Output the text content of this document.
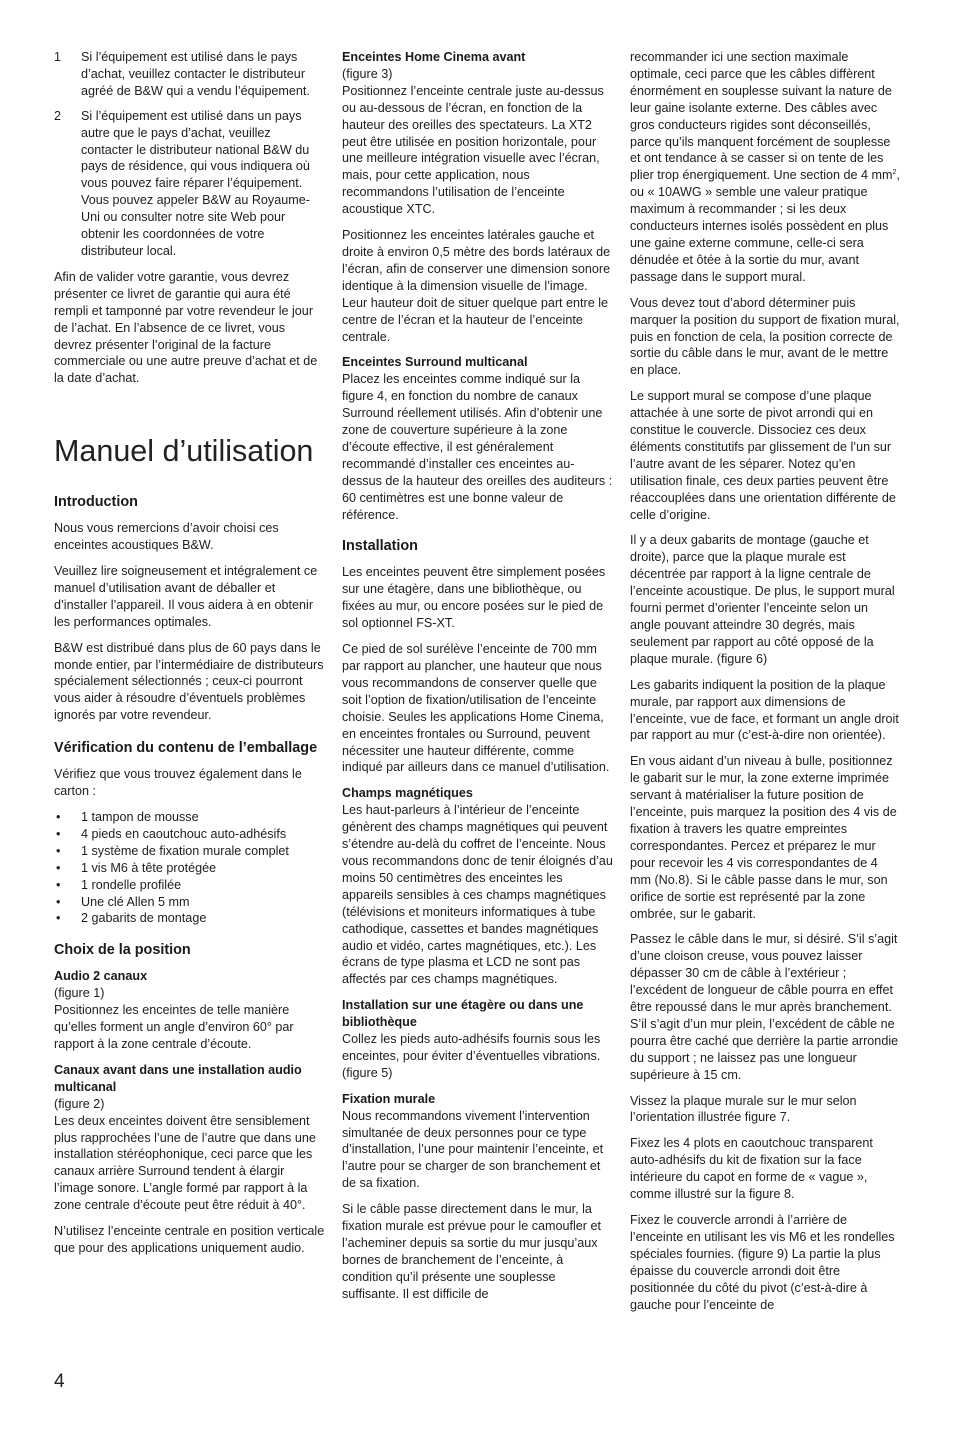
1 Si l’équipement est utilisé dans le pays d’achat, veuillez contacter le distributeur agréé de B&W qui a vendu l’équipement.
2 Si l’équipement est utilisé dans un pays autre que le pays d’achat, veuillez contacter le distributeur national B&W du pays de résidence, qui vous indiquera où vous pouvez faire réparer l’équipement. Vous pouvez appeler B&W au Royaume-Uni ou consulter notre site Web pour obtenir les coordonnées de votre distributeur local.

Afin de valider votre garantie, vous devrez présenter ce livret de garantie qui aura été rempli et tamponné par votre revendeur le jour de l’achat. En l’absence de ce livret, vous devrez présenter l’original de la facture commerciale ou une autre preuve d’achat et de la date d’achat.

Manuel d’utilisation
Introduction

Nous vous remercions d’avoir choisi ces enceintes acoustiques B&W.

Veuillez lire soigneusement et intégralement ce manuel d’utilisation avant de déballer et d’installer l’appareil. Il vous aidera à en obtenir les performances optimales.

B&W est distribué dans plus de 60 pays dans le monde entier, par l’intermédiaire de distributeurs spécialement sélectionnés ; ceux-ci pourront vous aider à résoudre d’éventuels problèmes ignorés par votre revendeur.

Vérification du contenu de l’emballage

Vérifiez que vous trouvez également dans le carton :

• 1 tampon de mousse
• 4 pieds en caoutchouc auto-adhésifs
• 1 système de fixation murale complet
• 1 vis M6 à tête protégée
• 1 rondelle profilée
• Une clé Allen 5 mm
• 2 gabarits de montage
Choix de la position
Audio 2 canaux
(figure 1)

Positionnez les enceintes de telle manière qu’elles forment un angle d’environ 60° par rapport à la zone centrale d’écoute.

Canaux avant dans une installation audio multicanal
(figure 2)

Les deux enceintes doivent être sensiblement plus rapprochées l’une de l’autre que dans une installation stéréophonique, ceci parce que les canaux arrière Surround tendent à élargir l’image sonore. L’angle formé par rapport à la zone centrale d’écoute peut être réduit à 40°.

N’utilisez l’enceinte centrale en position verticale que pour des applications uniquement audio.

Enceintes Home Cinema avant
(figure 3)

Positionnez l’enceinte centrale juste au-dessus ou au-dessous de l’écran, en fonction de la hauteur des oreilles des spectateurs. La XT2 peut être utilisée en position horizontale, pour une meilleure intégration visuelle avec l’écran, mais, pour cette application, nous recommandons l’utilisation de l’enceinte acoustique XTC.

Positionnez les enceintes latérales gauche et droite à environ 0,5 mètre des bords latéraux de l’écran, afin de conserver une dimension sonore identique à la dimension visuelle de l’image. Leur hauteur doit de situer quelque part entre le centre de l’écran et la hauteur de l’enceinte centrale.

Enceintes Surround multicanal

Placez les enceintes comme indiqué sur la figure 4, en fonction du nombre de canaux Surround réellement utilisés. Afin d’obtenir une zone de couverture supérieure à la zone d’écoute effective, il est généralement recommandé d’installer ces enceintes au-dessus de la hauteur des oreilles des auditeurs : 60 centimètres est une bonne valeur de référence.

Installation

Les enceintes peuvent être simplement posées sur une étagère, dans une bibliothèque, ou fixées au mur, ou encore posées sur le pied de sol optionnel FS-XT.

Ce pied de sol surélève l’enceinte de 700 mm par rapport au plancher, une hauteur que nous vous recommandons de conserver quelle que soit l’option de fixation/utilisation de l’enceinte choisie. Seules les applications Home Cinema, en enceintes frontales ou Surround, peuvent nécessiter une hauteur différente, comme indiqué par ailleurs dans ce manuel d’utilisation.

Champs magnétiques

Les haut-parleurs à l’intérieur de l’enceinte génèrent des champs magnétiques qui peuvent s’étendre au-delà du coffret de l’enceinte. Nous vous recommandons donc de tenir éloignés d’au moins 50 centimètres des enceintes les appareils sensibles à ces champs magnétiques (télévisions et moniteurs informatiques à tube cathodique, cassettes et bandes magnétiques audio et vidéo, cartes magnétiques, etc.). Les écrans de type plasma et LCD ne sont pas affectés par ces champs magnétiques.

Installation sur une étagère ou dans une bibliothèque

Collez les pieds auto-adhésifs fournis sous les enceintes, pour éviter d’éventuelles vibrations. (figure 5)

Fixation murale

Nous recommandons vivement l’intervention simultanée de deux personnes pour ce type d’installation, l’une pour maintenir l’enceinte, et l’autre pour se charger de son branchement et de sa fixation.

Si le câble passe directement dans le mur, la fixation murale est prévue pour le camoufler et l’acheminer depuis sa sortie du mur jusqu’aux bornes de branchement de l’enceinte, à condition qu’il présente une souplesse suffisante. Il est difficile de

recommander ici une section maximale optimale, ceci parce que les câbles diffèrent énormément en souplesse suivant la nature de leur gaine isolante externe. Des câbles avec gros conducteurs rigides sont déconseillés, parce qu’ils manquent forcément de souplesse et ont tendance à se casser si on tente de les plier trop énergiquement. Une section de 4 $mm^2$, ou « 10AWG » semble une valeur pratique maximum à recommander ; si les deux conducteurs internes isolés possèdent en plus une gaine externe commune, celle-ci sera dénudée et ôtée à la sortie du mur, avant passage dans le support mural.

Vous devez tout d’abord déterminer puis marquer la position du support de fixation mural, puis en fonction de cela, la position correcte de sortie du câble dans le mur, avant de le mettre en place.

Le support mural se compose d’une plaque attachée à une sorte de pivot arrondi qui en constitue le couvercle. Dissociez ces deux éléments constitutifs par glissement de l’un sur l’autre avant de les séparer. Notez qu’en utilisation finale, ces deux parties peuvent être réaccouplées dans une orientation différente de celle d’origine.

Il y a deux gabarits de montage (gauche et droite), parce que la plaque murale est décentrée par rapport à la ligne centrale de l’enceinte acoustique. De plus, le support mural fourni permet d’orienter l’enceinte selon un angle pouvant atteindre 30 degrés, mais seulement par rapport au côté opposé de la plaque murale. (figure 6)

Les gabarits indiquent la position de la plaque murale, par rapport aux dimensions de l’enceinte, vue de face, et formant un angle droit par rapport au mur (c’est-à-dire non orientée).

En vous aidant d’un niveau à bulle, positionnez le gabarit sur le mur, la zone externe imprimée servant à matérialiser la future position de l’enceinte, puis marquez la position des 4 vis de fixation à travers les quatre empreintes correspondantes. Percez et préparez le mur pour recevoir les 4 vis correspondantes de 4 mm (No.8). Si le câble passe dans le mur, son orifice de sortie est représenté par la zone ombrée, sur le gabarit.

Passez le câble dans le mur, si désiré. S’il s’agit d’une cloison creuse, vous pouvez laisser dépasser 30 cm de câble à l’extérieur ; l’excédent de longueur de câble pourra en effet être repoussé dans le mur après branchement. S’il s’agit d’un mur plein, l’excédent de câble ne pourra être caché que derrière la partie arrondie du support ; ne laissez pas une longueur supérieure à 15 cm.

Vissez la plaque murale sur le mur selon l’orientation illustrée figure 7.

Fixez les 4 plots en caoutchouc transparent auto-adhésifs du kit de fixation sur la face intérieure du capot en forme de « vague », comme illustré sur la figure 8.

Fixez le couvercle arrondi à l’arrière de l’enceinte en utilisant les vis M6 et les rondelles spéciales fournies. (figure 9) La partie la plus épaisse du couvercle arrondi doit être positionnée du côté du pivot (c’est-à-dire à gauche pour l’enceinte de

4
